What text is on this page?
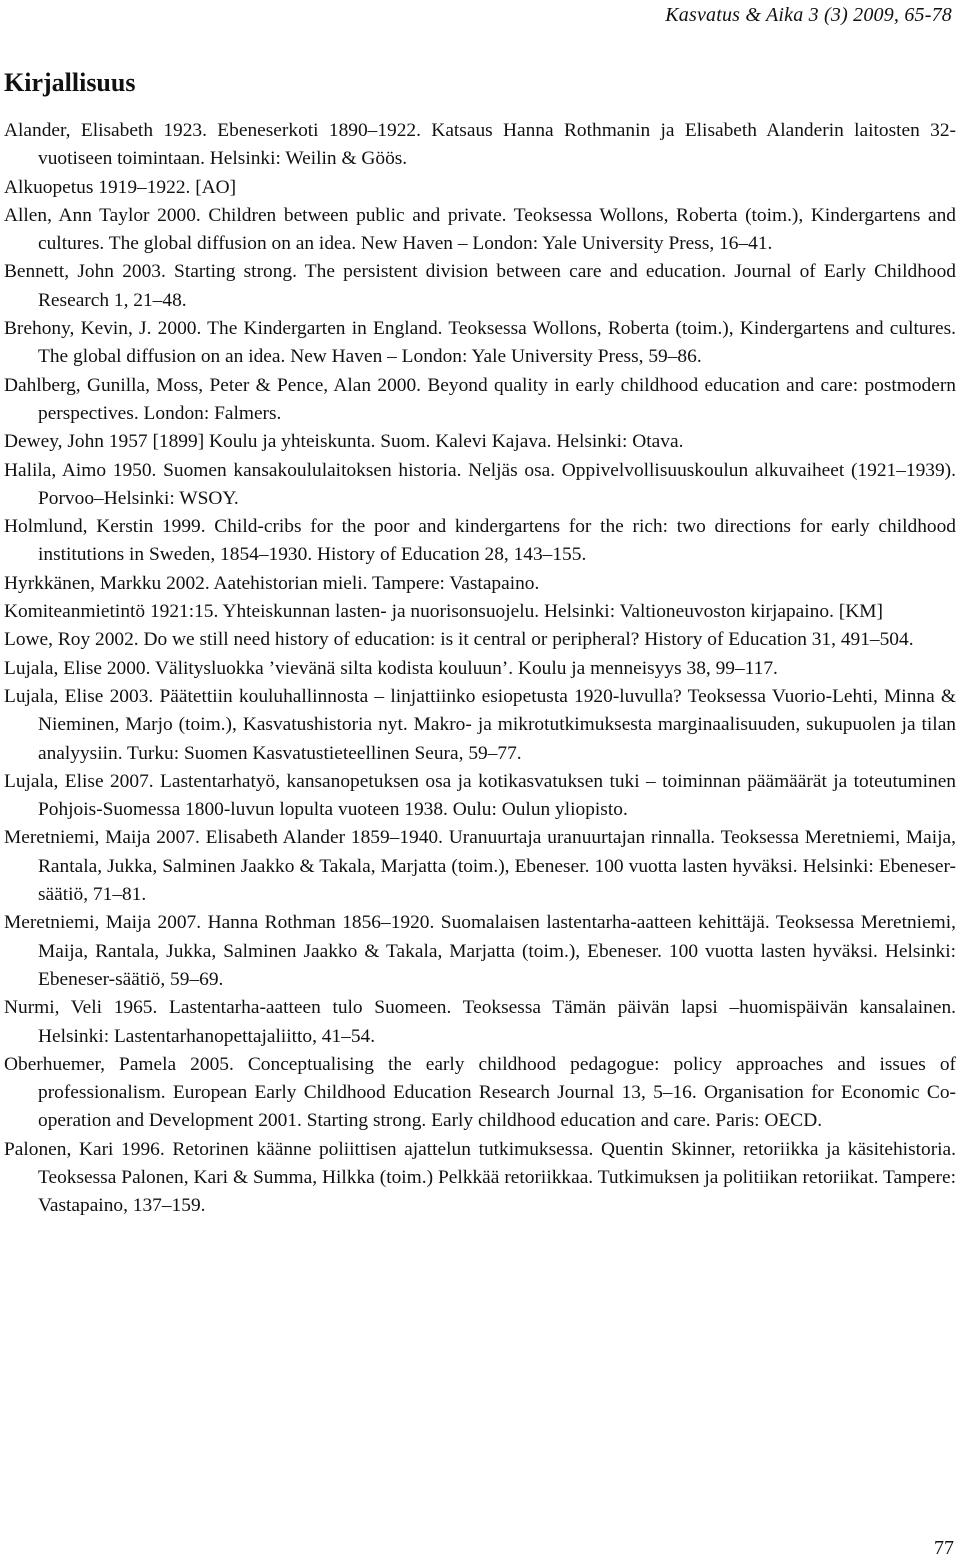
Kasvatus & Aika 3 (3) 2009, 65-78
Kirjallisuus
Alander, Elisabeth 1923. Ebeneserkoti 1890–1922. Katsaus Hanna Rothmanin ja Elisabeth Alanderin laitosten 32-vuotiseen toimintaan. Helsinki: Weilin & Göös.
Alkuopetus 1919–1922. [AO]
Allen, Ann Taylor 2000. Children between public and private. Teoksessa Wollons, Roberta (toim.), Kindergartens and cultures. The global diffusion on an idea. New Haven – London: Yale University Press, 16–41.
Bennett, John 2003. Starting strong. The persistent division between care and education. Journal of Early Childhood Research 1, 21–48.
Brehony, Kevin, J. 2000. The Kindergarten in England. Teoksessa Wollons, Roberta (toim.), Kindergartens and cultures. The global diffusion on an idea. New Haven – London: Yale University Press, 59–86.
Dahlberg, Gunilla, Moss, Peter & Pence, Alan 2000. Beyond quality in early childhood education and care: postmodern perspectives. London: Falmers.
Dewey, John 1957 [1899] Koulu ja yhteiskunta. Suom. Kalevi Kajava. Helsinki: Otava.
Halila, Aimo 1950. Suomen kansakoululaitoksen historia. Neljäs osa. Oppivelvollisuuskoulun alkuvaiheet (1921–1939). Porvoo–Helsinki: WSOY.
Holmlund, Kerstin 1999. Child-cribs for the poor and kindergartens for the rich: two directions for early childhood institutions in Sweden, 1854–1930. History of Education 28, 143–155.
Hyrkkänen, Markku 2002. Aatehistorian mieli. Tampere: Vastapaino.
Komiteanmietintö 1921:15. Yhteiskunnan lasten- ja nuorisonsuojelu. Helsinki: Valtioneuvoston kirjapaino. [KM]
Lowe, Roy 2002. Do we still need history of education: is it central or peripheral? History of Education 31, 491–504.
Lujala, Elise 2000. Välitysluokka ’vievänä silta kodista kouluun’. Koulu ja menneisyys 38, 99–117.
Lujala, Elise 2003. Päätettiin kouluhallinnosta – linjattiinko esiopetusta 1920-luvulla? Teoksessa Vuorio-Lehti, Minna & Nieminen, Marjo (toim.), Kasvatushistoria nyt. Makro- ja mikrotutkimuksesta marginaalisuuden, sukupuolen ja tilan analyysiin. Turku: Suomen Kasvatustieteellinen Seura, 59–77.
Lujala, Elise 2007. Lastentarhatyö, kansanopetuksen osa ja kotikasvatuksen tuki – toiminnan päämäärät ja toteutuminen Pohjois-Suomessa 1800-luvun lopulta vuoteen 1938. Oulu: Oulun yliopisto.
Meretniemi, Maija 2007. Elisabeth Alander 1859–1940. Uranuurtaja uranuurtajan rinnalla. Teoksessa Meretniemi, Maija, Rantala, Jukka, Salminen Jaakko & Takala, Marjatta (toim.), Ebeneser. 100 vuotta lasten hyväksi. Helsinki: Ebeneser-säätiö, 71–81.
Meretniemi, Maija 2007. Hanna Rothman 1856–1920. Suomalaisen lastentarha-aatteen kehittäjä. Teoksessa Meretniemi, Maija, Rantala, Jukka, Salminen Jaakko & Takala, Marjatta (toim.), Ebeneser. 100 vuotta lasten hyväksi. Helsinki: Ebeneser-säätiö, 59–69.
Nurmi, Veli 1965. Lastentarha-aatteen tulo Suomeen. Teoksessa Tämän päivän lapsi –huomispäivän kansalainen. Helsinki: Lastentarhanopettajaliitto, 41–54.
Oberhuemer, Pamela 2005. Conceptualising the early childhood pedagogue: policy approaches and issues of professionalism. European Early Childhood Education Research Journal 13, 5–16. Organisation for Economic Co-operation and Development 2001. Starting strong. Early childhood education and care. Paris: OECD.
Palonen, Kari 1996. Retorinen käänne poliittisen ajattelun tutkimuksessa. Quentin Skinner, retoriikka ja käsitehistoria. Teoksessa Palonen, Kari & Summa, Hilkka (toim.) Pelkkää retoriikkaa. Tutkimuksen ja politiikan retoriikat. Tampere: Vastapaino, 137–159.
77
